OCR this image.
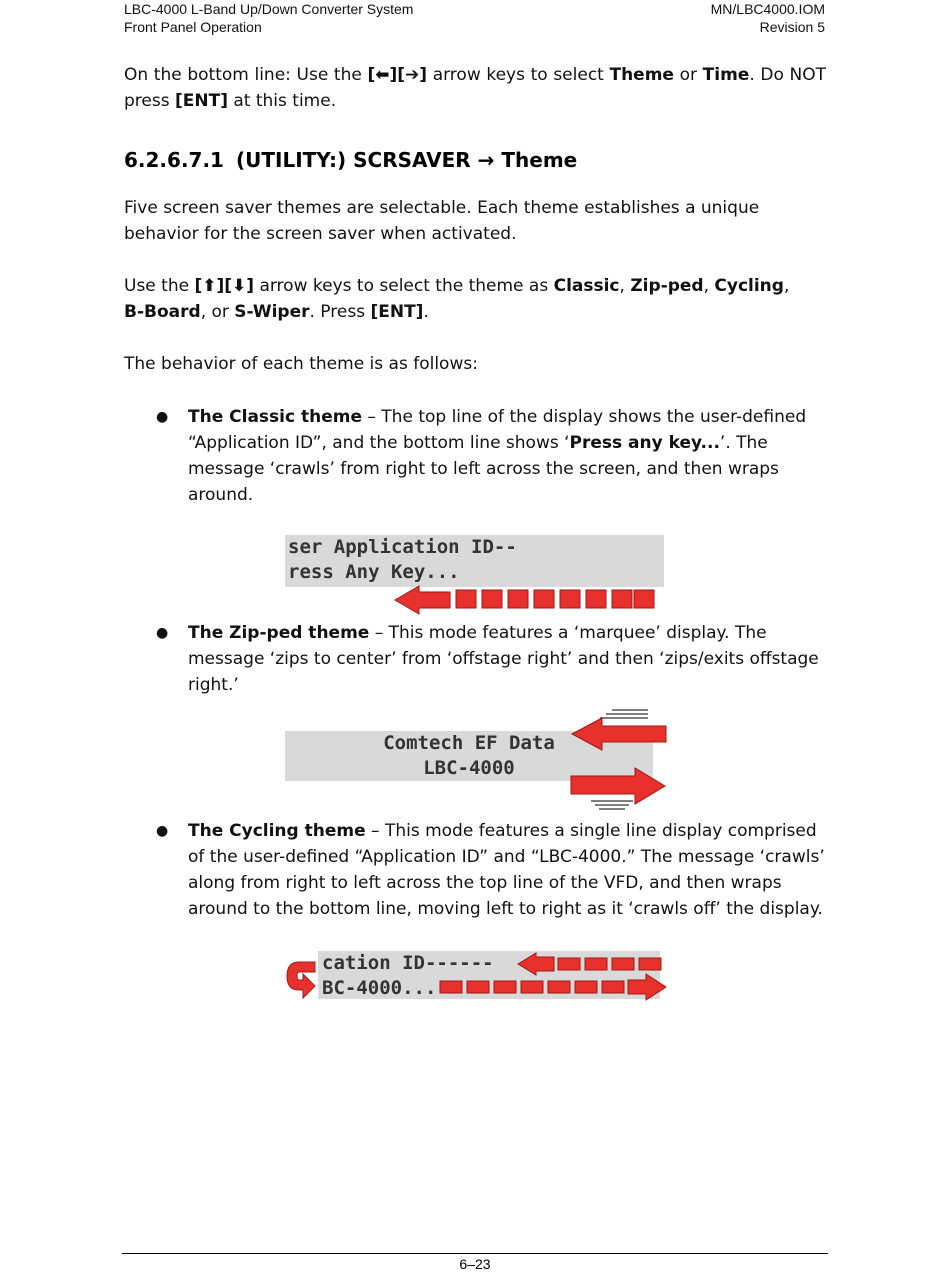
LBC-4000 L-Band Up/Down Converter System
Front Panel Operation
MN/LBC4000.IOM
Revision 5
On the bottom line: Use the [⬅][➔] arrow keys to select Theme or Time. Do NOT press [ENT] at this time.
6.2.6.7.1 (UTILITY:) SCRSAVER → Theme
Five screen saver themes are selectable. Each theme establishes a unique behavior for the screen saver when activated.
Use the [⬆][⬇] arrow keys to select the theme as Classic, Zip-ped, Cycling,
B-Board, or S-Wiper. Press [ENT].
The behavior of each theme is as follows:
● The Classic theme – The top line of the display shows the user-defined “Application ID”, and the bottom line shows ‘Press any key...’. The message ‘crawls’ from right to left across the screen, and then wraps around.
ser Application ID--
ress Any Key...
● The Zip-ped theme – This mode features a ‘marquee’ display. The message ‘zips to center’ from ‘offstage right’ and then ‘zips/exits offstage right.’
Comtech EF Data
LBC-4000
● The Cycling theme – This mode features a single line display comprised of the user-defined “Application ID” and “LBC-4000.” The message ‘crawls’ along from right to left across the top line of the VFD, and then wraps around to the bottom line, moving left to right as it ‘crawls off’ the display.
cation ID------
BC-4000...
6–23
